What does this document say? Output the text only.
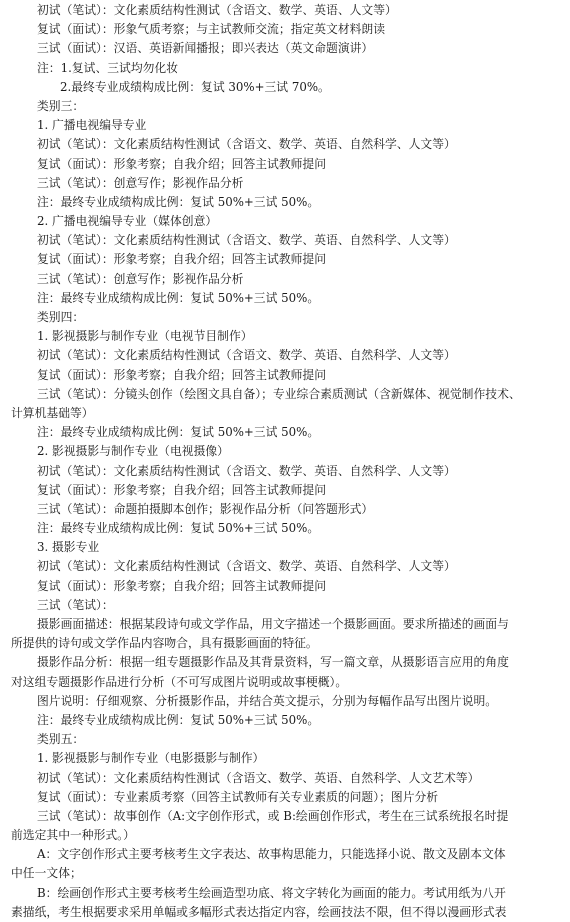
初试（笔试）：文化素质结构性测试（含语文、数学、英语、人文等）
复试（面试）：形象气质考察；与主试教师交流；指定英文材料朗读
三试（面试）：汉语、英语新闻播报；即兴表达（英文命题演讲）
注：1.复试、三试均勿化妆
2.最终专业成绩构成比例：复试 30%+三试 70%。
类别三：
1. 广播电视编导专业
初试（笔试）：文化素质结构性测试（含语文、数学、英语、自然科学、人文等）
复试（面试）：形象考察；自我介绍；回答主试教师提问
三试（笔试）：创意写作；影视作品分析
注：最终专业成绩构成比例：复试 50%+三试 50%。
2. 广播电视编导专业（媒体创意）
初试（笔试）：文化素质结构性测试（含语文、数学、英语、自然科学、人文等）
复试（面试）：形象考察；自我介绍；回答主试教师提问
三试（笔试）：创意写作；影视作品分析
注：最终专业成绩构成比例：复试 50%+三试 50%。
类别四：
1. 影视摄影与制作专业（电视节目制作）
初试（笔试）：文化素质结构性测试（含语文、数学、英语、自然科学、人文等）
复试（面试）：形象考察；自我介绍；回答主试教师提问
三试（笔试）：分镜头创作（绘图文具自备）；专业综合素质测试（含新媒体、视觉制作技术、
计算机基础等）
注：最终专业成绩构成比例：复试 50%+三试 50%。
2. 影视摄影与制作专业（电视摄像）
初试（笔试）：文化素质结构性测试（含语文、数学、英语、自然科学、人文等）
复试（面试）：形象考察；自我介绍；回答主试教师提问
三试（笔试）：命题拍摄脚本创作；影视作品分析（问答题形式）
注：最终专业成绩构成比例：复试 50%+三试 50%。
3. 摄影专业
初试（笔试）：文化素质结构性测试（含语文、数学、英语、自然科学、人文等）
复试（面试）：形象考察；自我介绍；回答主试教师提问
三试（笔试）：
摄影画面描述：根据某段诗句或文学作品，用文字描述一个摄影画面。要求所描述的画面与
所提供的诗句或文学作品内容吻合，具有摄影画面的特征。
摄影作品分析：根据一组专题摄影作品及其背景资料，写一篇文章，从摄影语言应用的角度
对这组专题摄影作品进行分析（不可写成图片说明或故事梗概）。
图片说明：仔细观察、分析摄影作品，并结合英文提示，分别为每幅作品写出图片说明。
注：最终专业成绩构成比例：复试 50%+三试 50%。
类别五：
1. 影视摄影与制作专业（电影摄影与制作）
初试（笔试）：文化素质结构性测试（含语文、数学、英语、自然科学、人文艺术等）
复试（面试）：专业素质考察（回答主试教师有关专业素质的问题）；图片分析
三试（笔试）：故事创作（A:文字创作形式，或 B:绘画创作形式，考生在三试系统报名时提
前选定其中一种形式。）
A：文字创作形式主要考核考生文字表达、故事构思能力，只能选择小说、散文及剧本文体
中任一文体；
B：绘画创作形式主要考核考生绘画造型功底、将文字转化为画面的能力。考试用纸为八开
素描纸，考生根据要求采用单幅或多幅形式表达指定内容，绘画技法不限，但不得以漫画形式表
